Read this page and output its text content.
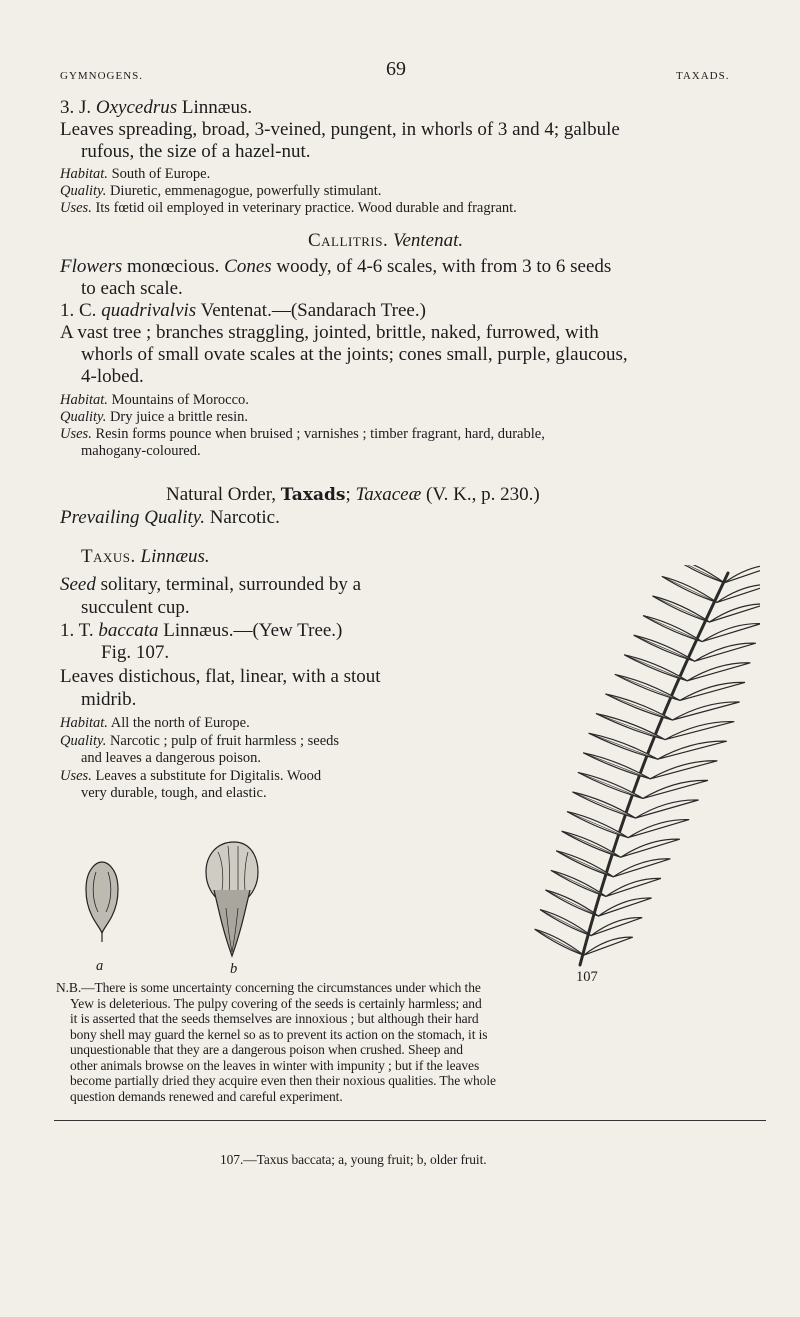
GYMNOGENS.	69	TAXADS.
3. J. Oxycedrus Linnæus.
Leaves spreading, broad, 3-veined, pungent, in whorls of 3 and 4; galbule
rufous, the size of a hazel-nut.
Habitat. South of Europe.
Quality. Diuretic, emmenagogue, powerfully stimulant.
Uses. Its fœtid oil employed in veterinary practice. Wood durable and fragrant.
Callitris. Ventenat.
Flowers monœcious. Cones woody, of 4-6 scales, with from 3 to 6 seeds
to each scale.
1. C. quadrivalvis Ventenat.—(Sandarach Tree.)
A vast tree ; branches straggling, jointed, brittle, naked, furrowed, with
whorls of small ovate scales at the joints; cones small, purple, glaucous,
4-lobed.
Habitat. Mountains of Morocco.
Quality. Dry juice a brittle resin.
Uses. Resin forms pounce when bruised ; varnishes ; timber fragrant, hard, durable,
mahogany-coloured.
Natural Order, Taxads; Taxaceæ (V. K., p. 230.)
Prevailing Quality. Narcotic.
Taxus. Linnæus.
Seed solitary, terminal, surrounded by a
succulent cup.
1. T. baccata Linnæus.—(Yew Tree.)
Fig. 107.
Leaves distichous, flat, linear, with a stout
midrib.
Habitat. All the north of Europe.
Quality. Narcotic ; pulp of fruit harmless ; seeds
and leaves a dangerous poison.
Uses. Leaves a substitute for Digitalis. Wood
very durable, tough, and elastic.
a	b	107
N.B.—There is some uncertainty concerning the circumstances under which the
Yew is deleterious. The pulpy covering of the seeds is certainly harmless; and
it is asserted that the seeds themselves are innoxious ; but although their hard
bony shell may guard the kernel so as to prevent its action on the stomach, it is
unquestionable that they are a dangerous poison when crushed. Sheep and
other animals browse on the leaves in winter with impunity ; but if the leaves
become partially dried they acquire even then their noxious qualities. The whole
question demands renewed and careful experiment.
107.—Taxus baccata; a, young fruit; b, older fruit.
